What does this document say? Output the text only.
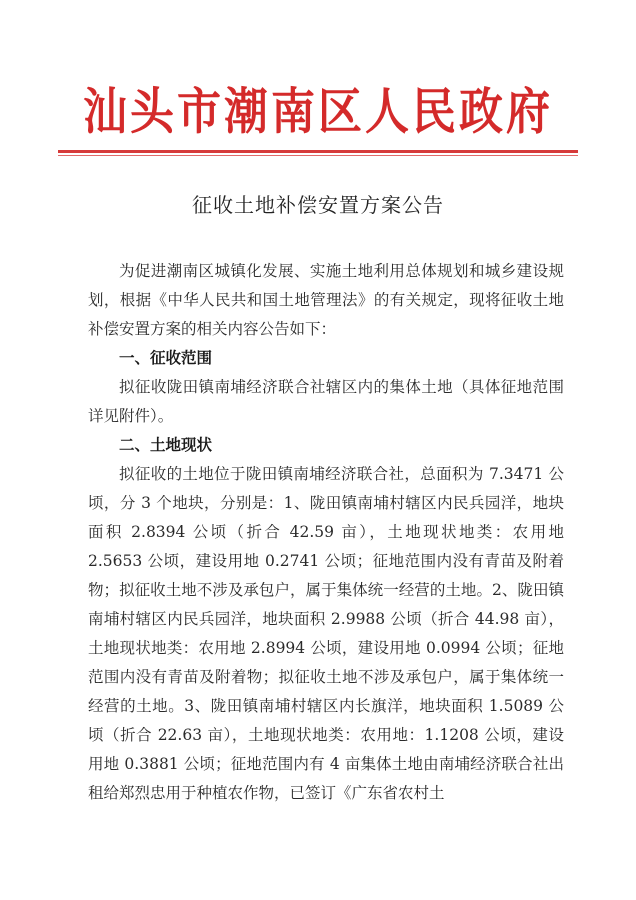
汕头市潮南区人民政府
征收土地补偿安置方案公告

为促进潮南区城镇化发展、实施土地利用总体规划和城乡建设规划，根据《中华人民共和国土地管理法》的有关规定，现将征收土地补偿安置方案的相关内容公告如下：

一、征收范围

拟征收陇田镇南埔经济联合社辖区内的集体土地（具体征地范围详见附件）。

二、土地现状

拟征收的土地位于陇田镇南埔经济联合社，总面积为 7.3471 公顷，分 3 个地块，分别是：1、陇田镇南埔村辖区内民兵园洋，地块面积 2.8394 公顷（折合 42.59 亩），土地现状地类：农用地 2.5653 公顷，建设用地 0.2741 公顷；征地范围内没有青苗及附着物；拟征收土地不涉及承包户，属于集体统一经营的土地。2、陇田镇南埔村辖区内民兵园洋，地块面积 2.9988 公顷（折合 44.98 亩），土地现状地类：农用地 2.8994 公顷，建设用地 0.0994 公顷；征地范围内没有青苗及附着物；拟征收土地不涉及承包户，属于集体统一经营的土地。3、陇田镇南埔村辖区内长旗洋，地块面积 1.5089 公顷（折合 22.63 亩），土地现状地类：农用地：1.1208 公顷，建设用地 0.3881 公顷；征地范围内有 4 亩集体土地由南埔经济联合社出租给郑烈忠用于种植农作物，已签订《广东省农村土
